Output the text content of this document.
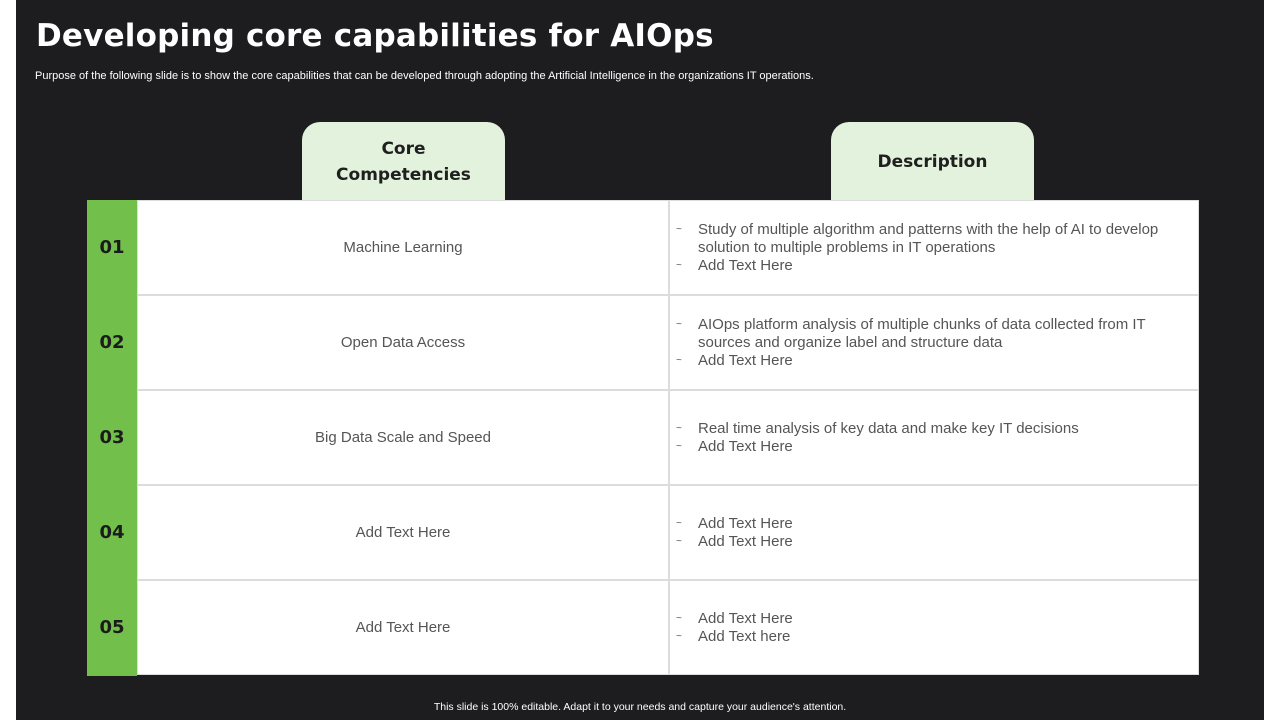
Developing core capabilities for AIOps
Purpose of the following slide is to show the core capabilities that can be developed through adopting the Artificial Intelligence in the organizations IT operations.
Core Competencies
Description
01	Machine Learning
~	Study of multiple algorithm and patterns with the help of AI to develop solution to multiple problems in IT operations
~	Add Text Here
02	Open Data Access
~	AIOps platform analysis of multiple chunks of data collected from IT sources and organize label and structure data
~	Add Text Here
03	Big Data Scale and Speed
~	Real time analysis of key data and make key IT decisions
~	Add Text Here
04	Add Text Here
~	Add Text Here
~	Add Text Here
05	Add Text Here
~	Add Text Here
~	Add Text here
This slide is 100% editable. Adapt it to your needs and capture your audience's attention.
